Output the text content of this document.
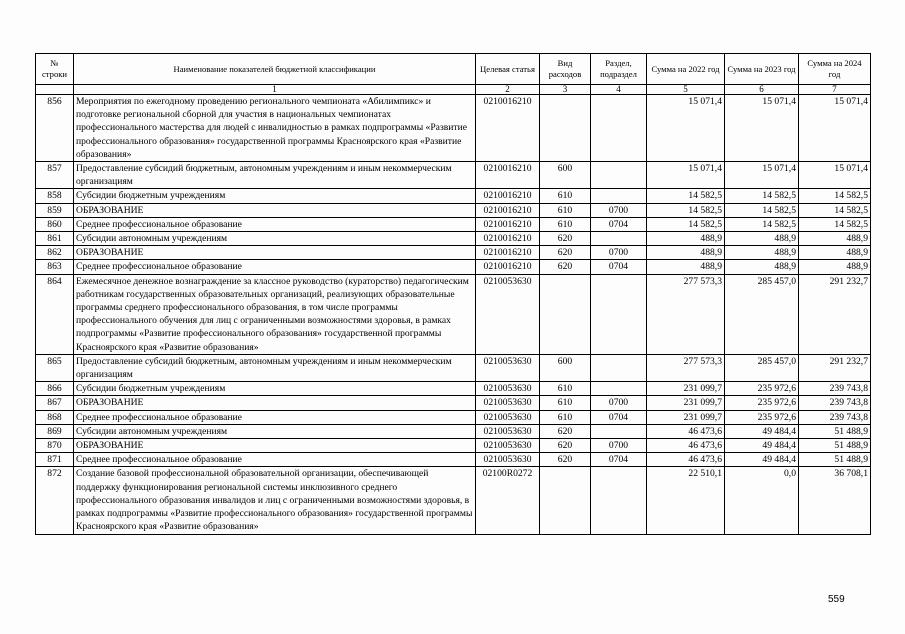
№ строки	Наименование показателей бюджетной классификации	Целевая статья	Вид расходов	Раздел, подраздел	Сумма на 2022 год	Сумма на 2023 год	Сумма на 2024 год
	1	2	3	4	5	6	7
856	Мероприятия по ежегодному проведению регионального чемпионата «Абилимпикс» и подготовке региональной сборной для участия в национальных чемпионатах профессионального мастерства для людей с инвалидностью в рамках подпрограммы «Развитие профессионального образования» государственной программы Красноярского края «Развитие образования»	0210016210			15 071,4	15 071,4	15 071,4
857	Предоставление субсидий бюджетным, автономным учреждениям и иным некоммерческим организациям	0210016210	600		15 071,4	15 071,4	15 071,4
858	Субсидии бюджетным учреждениям	0210016210	610		14 582,5	14 582,5	14 582,5
859	ОБРАЗОВАНИЕ	0210016210	610	0700	14 582,5	14 582,5	14 582,5
860	Среднее профессиональное образование	0210016210	610	0704	14 582,5	14 582,5	14 582,5
861	Субсидии автономным учреждениям	0210016210	620		488,9	488,9	488,9
862	ОБРАЗОВАНИЕ	0210016210	620	0700	488,9	488,9	488,9
863	Среднее профессиональное образование	0210016210	620	0704	488,9	488,9	488,9
864	Ежемесячное денежное вознаграждение за классное руководство (кураторство) педагогическим работникам государственных образовательных организаций, реализующих образовательные программы среднего профессионального образования, в том числе программы профессионального обучения для лиц с ограниченными возможностями здоровья, в рамках подпрограммы «Развитие профессионального образования» государственной программы Красноярского края «Развитие образования»	0210053630			277 573,3	285 457,0	291 232,7
865	Предоставление субсидий бюджетным, автономным учреждениям и иным некоммерческим организациям	0210053630	600		277 573,3	285 457,0	291 232,7
866	Субсидии бюджетным учреждениям	0210053630	610		231 099,7	235 972,6	239 743,8
867	ОБРАЗОВАНИЕ	0210053630	610	0700	231 099,7	235 972,6	239 743,8
868	Среднее профессиональное образование	0210053630	610	0704	231 099,7	235 972,6	239 743,8
869	Субсидии автономным учреждениям	0210053630	620		46 473,6	49 484,4	51 488,9
870	ОБРАЗОВАНИЕ	0210053630	620	0700	46 473,6	49 484,4	51 488,9
871	Среднее профессиональное образование	0210053630	620	0704	46 473,6	49 484,4	51 488,9
872	Создание базовой профессиональной образовательной организации, обеспечивающей поддержку функционирования региональной системы инклюзивного среднего профессионального образования инвалидов и лиц с ограниченными возможностями здоровья, в рамках подпрограммы «Развитие профессионального образования» государственной программы Красноярского края «Развитие образования»	02100R0272			22 510,1	0,0	36 708,1
559
